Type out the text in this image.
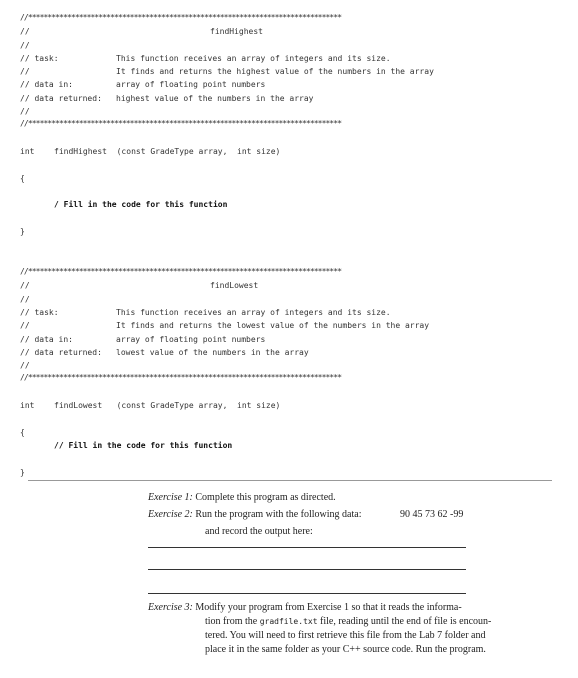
//********************************************************************************
//	findHighest
//
// task:	This function receives an array of integers and its size.
//	It finds and returns the highest value of the numbers in the array
// data in:	array of floating point numbers
// data returned: highest value of the numbers in the array
//
//********************************************************************************
int findHighest  (const GradeType array,  int size)
{
/ Fill in the code for this function
}
//********************************************************************************
//	findLowest
//
// task:	This function receives an array of integers and its size.
//	It finds and returns the lowest value of the numbers in the array
// data in:	array of floating point numbers
// data returned: lowest value of the numbers in the array
//
//********************************************************************************
int findLowest   (const GradeType array,  int size)
{
// Fill in the code for this function
}
Exercise 1: Complete this program as directed.
Exercise 2: Run the program with the following data:	90 45 73 62 -99
and record the output here:
Exercise 3: Modify your program from Exercise 1 so that it reads the informa-
tion from the gradfile.txt file, reading until the end of file is encoun-
tered. You will need to first retrieve this file from the Lab 7 folder and
place it in the same folder as your C++ source code. Run the program.
